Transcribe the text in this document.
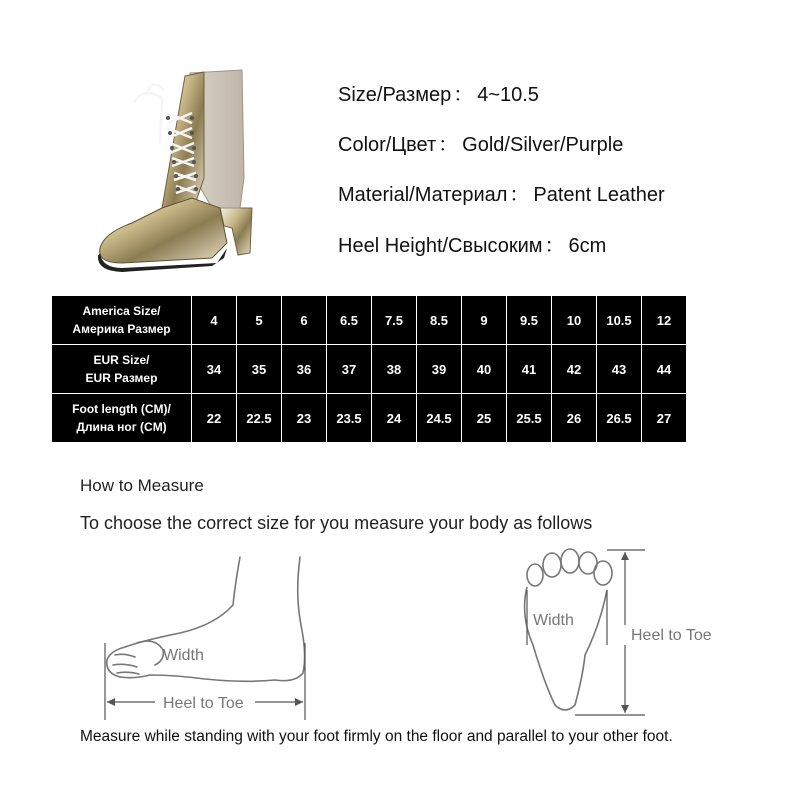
Size/Размер ： 4~10.5
Color/Цвет ： Gold/Silver/Purple
Material/Материал ： Patent Leather
Heel Height/Свысоким ： 6cm
America Size/
Америка Размер	4	5	6	6.5	7.5	8.5	9	9.5	10	10.5	12

EUR Size/
EUR Размер	34	35	36	37	38	39	40	41	42	43	44

Foot length (CM)/
Длина ног (CM)	22	22.5	23	23.5	24	24.5	25	25.5	26	26.5	27
How to Measure
To choose the correct size for you measure your body as follows
Width
Heel to Toe
Width
Heel to Toe
Measure while standing with your foot firmly on the floor and parallel to your other foot.
